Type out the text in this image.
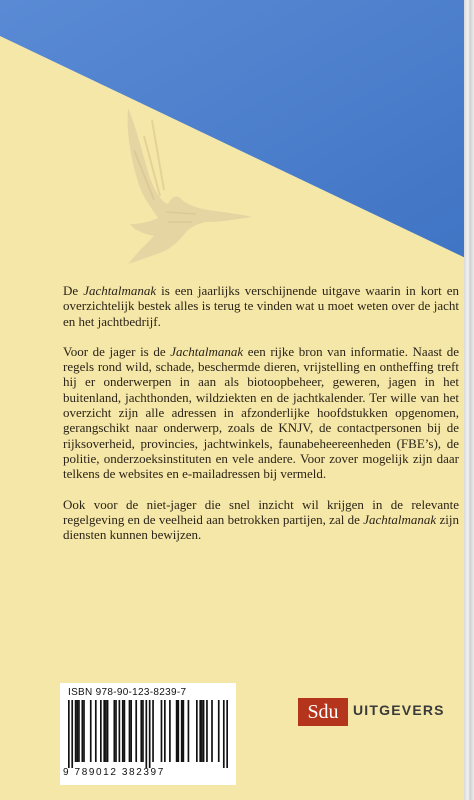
De Jachtalmanak is een jaarlijks verschijnende uitgave waarin in kort en overzichtelijk bestek alles is terug te vinden wat u moet weten over de jacht en het jachtbedrijf.

Voor de jager is de Jachtalmanak een rijke bron van informatie. Naast de regels rond wild, schade, beschermde dieren, vrijstelling en ontheffing treft hij er onderwerpen in aan als biotoopbeheer, geweren, jagen in het buitenland, jachthonden, wildziekten en de jachtkalender. Ter wille van het overzicht zijn alle adressen in afzonderlijke hoofdstukken opgenomen, gerangschikt naar onderwerp, zoals de KNJV, de contactpersonen bij de rijksoverheid, provincies, jachtwinkels, faunabeheereenheden (FBE’s), de politie, onderzoeksinstituten en vele andere. Voor zover mogelijk zijn daar telkens de websites en e-mailadressen bij vermeld.

Ook voor de niet-jager die snel inzicht wil krijgen in de relevante regelgeving en de veelheid aan betrokken partijen, zal de Jachtalmanak zijn diensten kunnen bewijzen.

ISBN 978-90-123-8239-7
9 789012 382397
Sdu	UITGEVERS
